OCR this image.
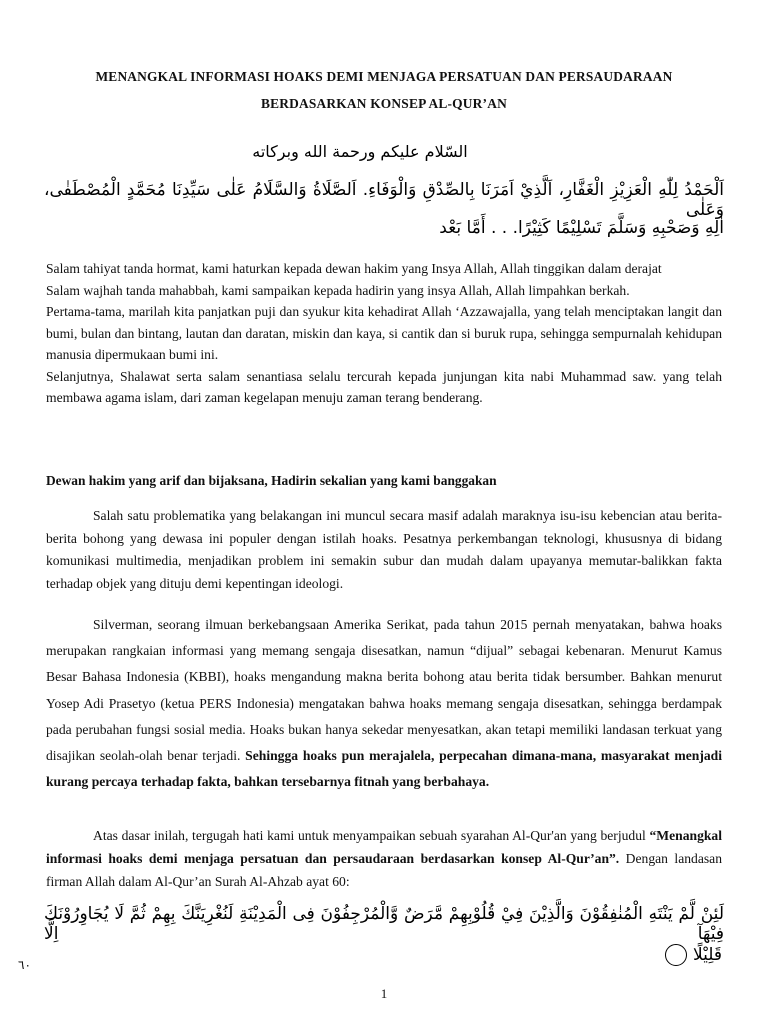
MENANGKAL INFORMASI HOAKS DEMI MENJAGA PERSATUAN DAN PERSAUDARAAN
BERDASARKAN KONSEP AL-QUR’AN
السّلام عليكم ورحمة الله وبركاته
اَلْحَمْدُ لِلّٰهِ الْعَزِيْزِ الْغَفَّارِ، اَلَّذِيْ اَمَرَنَا بِالصِّدْقِ وَالْوَفَاءِ. اَلصَّلَاةُ وَالسَّلَامُ عَلٰى سَيِّدِنَا مُحَمَّدٍ الْمُصْطَفٰى، وَعَلٰى
اٰلِهِ وَصَحْبِهِ وَسَلَّمَ تَسْلِيْمًا كَثِيْرًا. . . أَمَّا بَعْد
Salam tahiyat tanda hormat, kami haturkan kepada dewan hakim yang Insya Allah, Allah tinggikan dalam derajat
Salam wajhah tanda mahabbah, kami sampaikan kepada hadirin yang insya Allah, Allah limpahkan berkah.
Pertama-tama, marilah kita panjatkan puji dan syukur kita kehadirat Allah ‘Azzawajalla, yang telah menciptakan langit dan bumi, bulan dan bintang, lautan dan daratan, miskin dan kaya, si cantik dan si buruk rupa, sehingga sempurnalah kehidupan manusia dipermukaan bumi ini.
Selanjutnya, Shalawat serta salam senantiasa selalu tercurah kepada junjungan kita nabi Muhammad saw. yang telah membawa agama islam, dari zaman kegelapan menuju zaman terang benderang.
Dewan hakim yang arif dan bijaksana, Hadirin sekalian yang kami banggakan

Salah satu problematika yang belakangan ini muncul secara masif adalah maraknya isu-isu kebencian atau berita-berita bohong yang dewasa ini populer dengan istilah hoaks. Pesatnya perkembangan teknologi, khususnya di bidang komunikasi multimedia, menjadikan problem ini semakin subur dan mudah dalam upayanya memutar-balikkan fakta terhadap objek yang dituju demi kepentingan ideologi.

Silverman, seorang ilmuan berkebangsaan Amerika Serikat, pada tahun 2015 pernah menyatakan, bahwa hoaks merupakan rangkaian informasi yang memang sengaja disesatkan, namun “dijual” sebagai kebenaran. Menurut Kamus Besar Bahasa Indonesia (KBBI), hoaks mengandung makna berita bohong atau berita tidak bersumber. Bahkan menurut Yosep Adi Prasetyo (ketua PERS Indonesia) mengatakan bahwa hoaks memang sengaja disesatkan, sehingga berdampak pada perubahan fungsi sosial media. Hoaks bukan hanya sekedar menyesatkan, akan tetapi memiliki landasan terkuat yang disajikan seolah-olah benar terjadi. Sehingga hoaks pun merajalela, perpecahan dimana-mana, masyarakat menjadi kurang percaya terhadap fakta, bahkan tersebarnya fitnah yang berbahaya.

Atas dasar inilah, tergugah hati kami untuk menyampaikan sebuah syarahan Al-Qur'an yang berjudul “Menangkal informasi hoaks demi menjaga persatuan dan persaudaraan berdasarkan konsep Al-Qur’an”. Dengan landasan firman Allah dalam Al-Qur’an Surah Al-Ahzab ayat 60:

لَئِنْ لَّمْ يَنْتَهِ الْمُنٰفِقُوْنَ وَالَّذِيْنَ فِيْ قُلُوْبِهِمْ مَّرَضٌ وَّالْمُرْجِفُوْنَ فِى الْمَدِيْنَةِ لَنُغْرِيَنَّكَ بِهِمْ ثُمَّ لَا يُجَاوِرُوْنَكَ فِيْهَآ اِلَّا
قَلِيْلًا
٦٠
1
